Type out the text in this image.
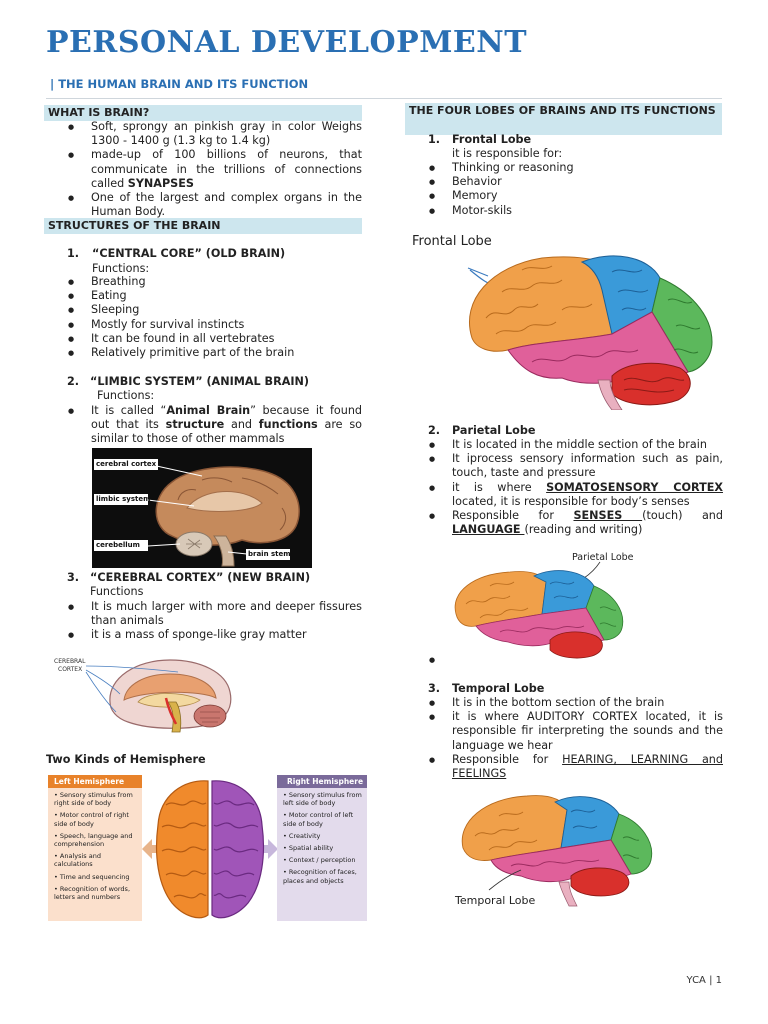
PERSONAL DEVELOPMENT
| THE HUMAN BRAIN AND ITS FUNCTION
WHAT IS BRAIN?
● Soft, sprongy an pinkish gray in color Weighs 1300 - 1400 g (1.3 kg to 1.4 kg)
● made-up of 100 billions of neurons, that communicate in the trillions of connections called SYNAPSES
● One of the largest and complex organs in the Human Body.
STRUCTURES OF THE BRAIN
1. “CENTRAL CORE” (OLD BRAIN)
Functions:
● Breathing
● Eating
● Sleeping
● Mostly for survival instincts
● It can be found in all vertebrates
● Relatively primitive part of the brain
2. “LIMBIC SYSTEM” (ANIMAL BRAIN)
Functions:
● It is called “Animal Brain” because it found out that its structure and functions are so similar to those of other mammals
cerebral cortex
limbic system
cerebellum
brain stem
3. “CEREBRAL CORTEX” (NEW BRAIN)
Functions
● It is much larger with more and deeper fissures than animals
● it is a mass of sponge-like gray matter
CEREBRAL
CORTEX
Two Kinds of Hemisphere
Left Hemisphere
• Sensory stimulus from right side of body
• Motor control of right side of body
• Speech, language and comprehension
• Analysis and calculations
• Time and sequencing
• Recognition of words, letters and numbers
Right Hemisphere
• Sensory stimulus from left side of body
• Motor control of left side of body
• Creativity
• Spatial ability
• Context / perception
• Recognition of faces, places and objects
THE FOUR LOBES OF BRAINS AND ITS FUNCTIONS
1. Frontal Lobe
it is responsible for:
● Thinking or reasoning
● Behavior
● Memory
● Motor-skils
Frontal Lobe
2. Parietal Lobe
● It is located in the middle section of the brain
● It iprocess sensory information such as pain, touch, taste and pressure
● it is where SOMATOSENSORY CORTEX located, it is responsible for body’s senses
● Responsible for SENSES (touch) and LANGUAGE (reading and writing)
Parietal Lobe
●
3. Temporal Lobe
● It is in the bottom section of the brain
● it is where AUDITORY CORTEX located, it is responsible fir interpreting the sounds and the language we hear
● Responsible for HEARING, LEARNING and FEELINGS
Temporal Lobe
YCA | 1
